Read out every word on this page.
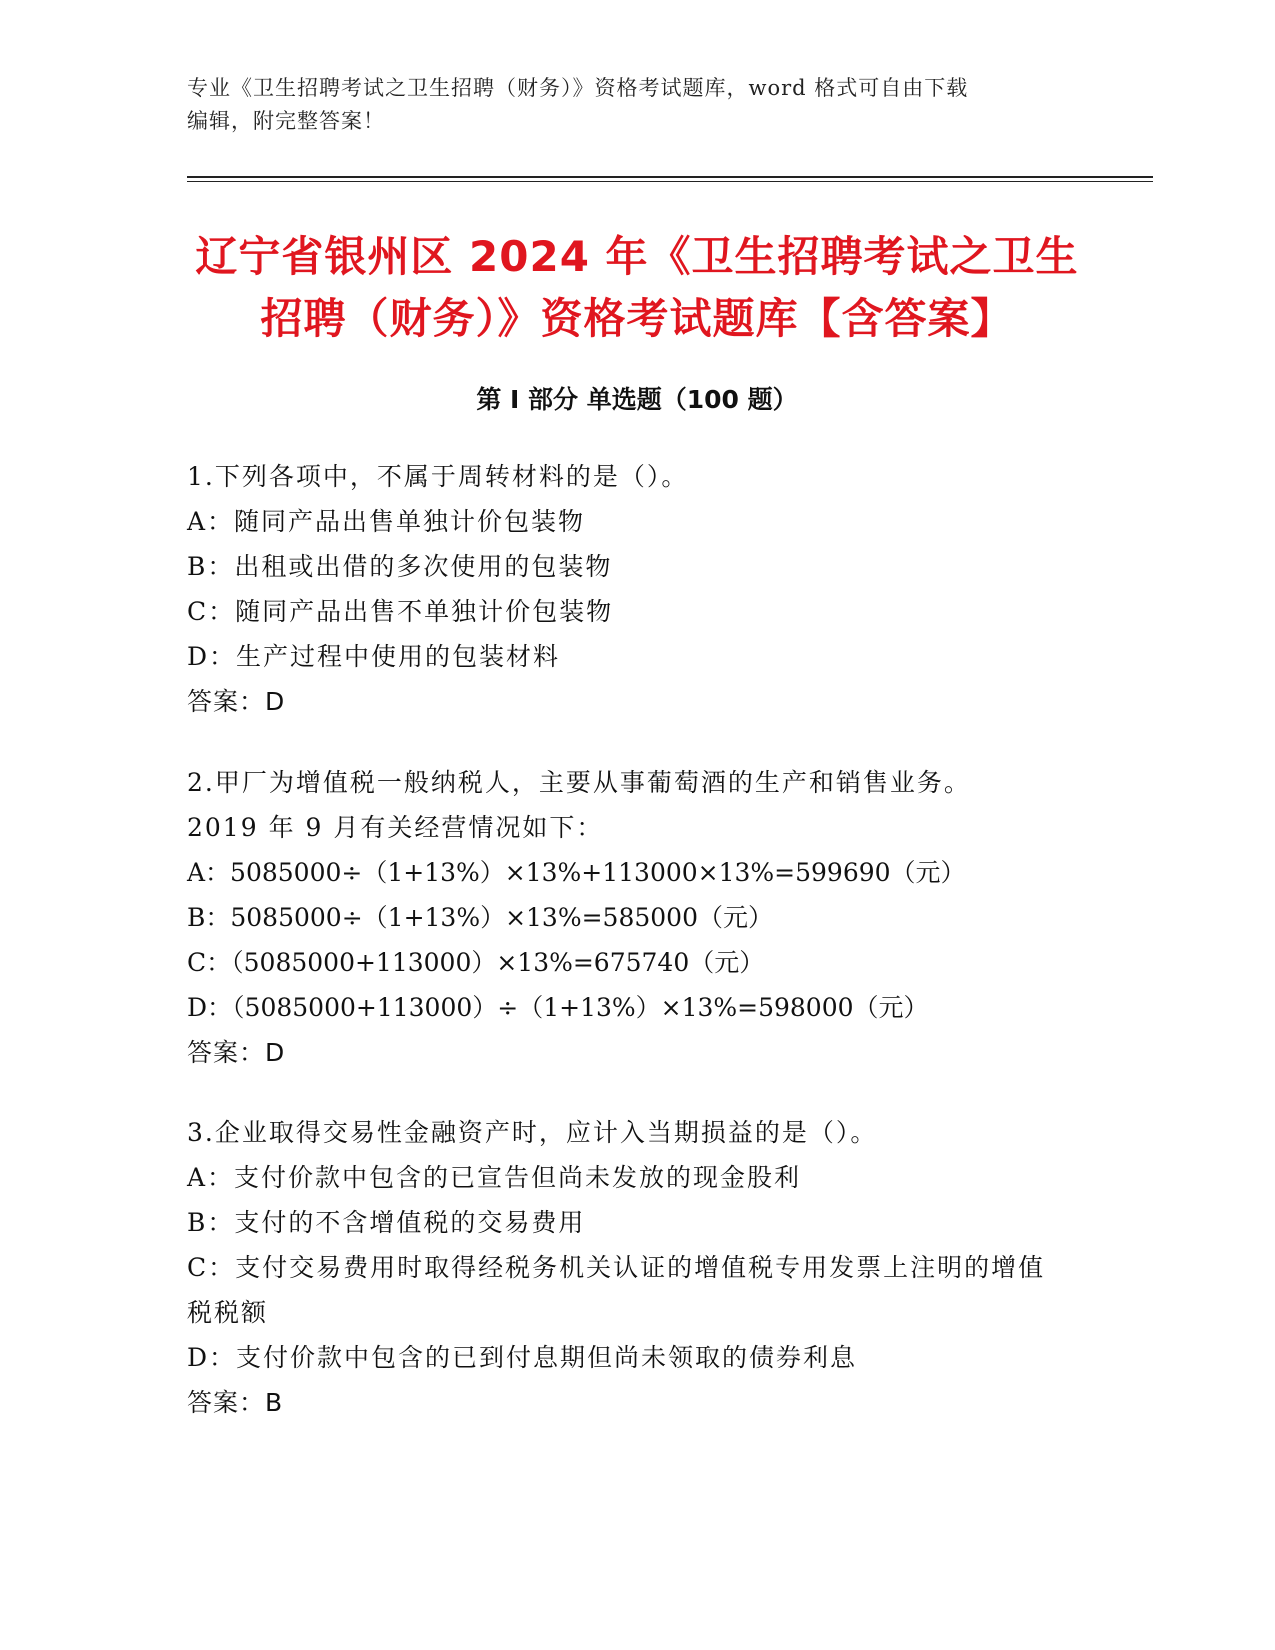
专业《卫生招聘考试之卫生招聘（财务）》资格考试题库，word 格式可自由下载
编辑，附完整答案！
辽宁省银州区 2024 年《卫生招聘考试之卫生
招聘（财务）》资格考试题库【含答案】
第 I 部分 单选题（100 题）
1.下列各项中，不属于周转材料的是（）。
A：随同产品出售单独计价包装物
B：出租或出借的多次使用的包装物
C：随同产品出售不单独计价包装物
D：生产过程中使用的包装材料
答案：D
2.甲厂为增值税一般纳税人，主要从事葡萄酒的生产和销售业务。
2019 年 9 月有关经营情况如下：
A：5085000÷（1+13%）×13%+113000×13%=599690（元）
B：5085000÷（1+13%）×13%=585000（元）
C：（5085000+113000）×13%=675740（元）
D：（5085000+113000）÷（1+13%）×13%=598000（元）
答案：D
3.企业取得交易性金融资产时，应计入当期损益的是（）。
A：支付价款中包含的已宣告但尚未发放的现金股利
B：支付的不含增值税的交易费用
C：支付交易费用时取得经税务机关认证的增值税专用发票上注明的增值税税额
D：支付价款中包含的已到付息期但尚未领取的债券利息
答案：B
